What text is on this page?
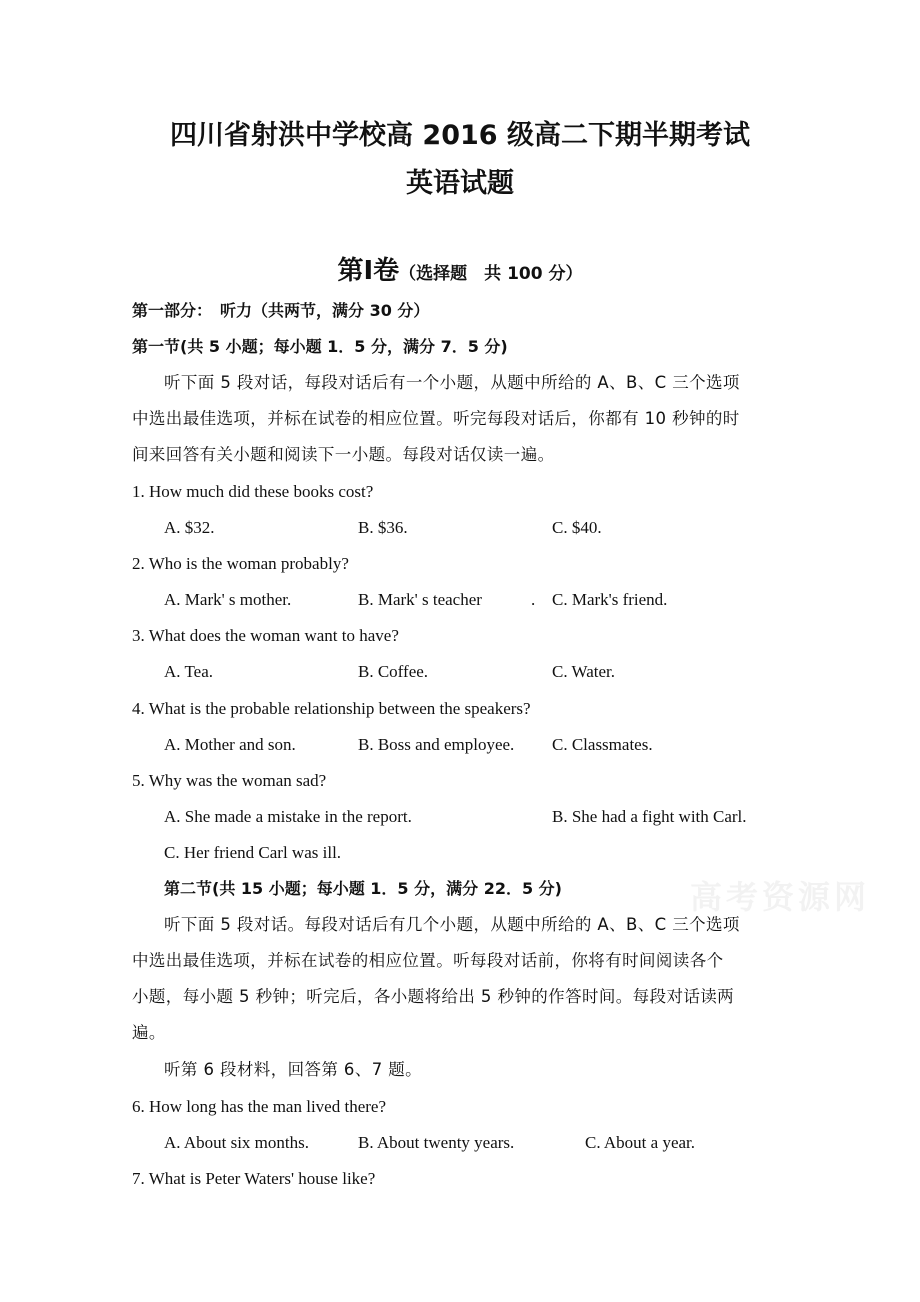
四川省射洪中学校高 2016 级高二下期半期考试
英语试题
第I卷（选择题　共 100 分）
第一部分：　听力（共两节，满分 30 分）
第一节(共 5 小题；每小题 1．5 分，满分 7．5 分)
听下面 5 段对话，每段对话后有一个小题，从题中所给的 A、B、C 三个选项
中选出最佳选项，并标在试卷的相应位置。听完每段对话后，你都有 10 秒钟的时
间来回答有关小题和阅读下一小题。每段对话仅读一遍。
1. How much did these books cost?
A. $32.	B. $36.	C. $40.
2. Who is the woman probably?
A. Mark' s mother.	B. Mark' s teacher	. C. Mark's friend.
3. What does the woman want to have?
A. Tea.	B. Coffee.	C. Water.
4. What is the probable relationship between the speakers?
A. Mother and son.	B. Boss and employee. C. Classmates.
5. Why was the woman sad?
A. She made a mistake in the report.	B. She had a fight with Carl.
C. Her friend Carl was ill.
第二节(共 15 小题；每小题 1．5 分，满分 22．5 分)
听下面 5 段对话。每段对话后有几个小题，从题中所给的 A、B、C 三个选项
中选出最佳选项，并标在试卷的相应位置。听每段对话前，你将有时间阅读各个
小题，每小题 5 秒钟；听完后，各小题将给出 5 秒钟的作答时间。每段对话读两
遍。
听第 6 段材料，回答第 6、7 题。
6. How long has the man lived there?
A. About six months.	B. About twenty years.	C. About a year.
7. What is Peter Waters' house like?
高考资源网
